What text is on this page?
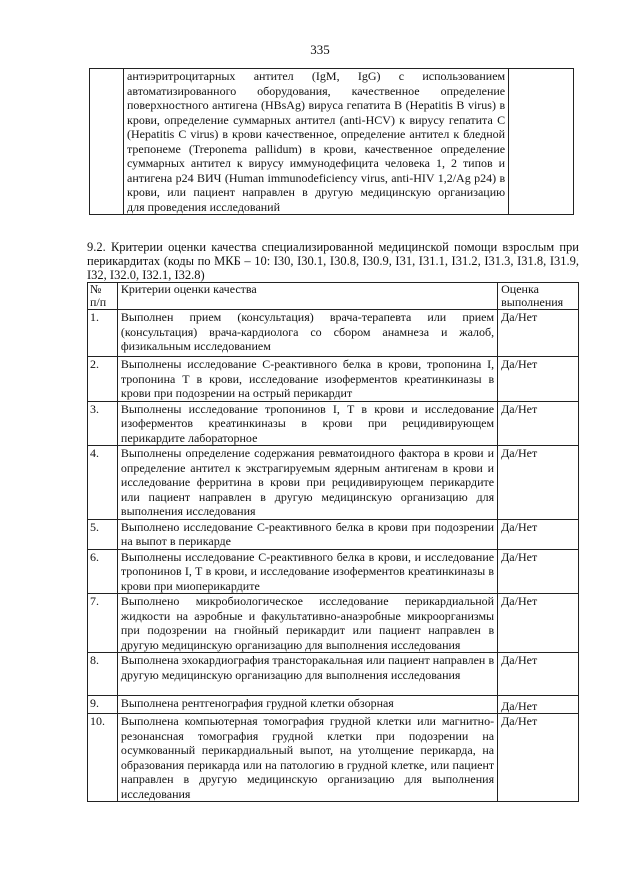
335
	антиэритроцитарных антител (IgM, IgG) с использованием автоматизированного оборудования, качественное определение поверхностного антигена (HBsAg) вируса гепатита В (Hepatitis B virus) в крови, определение суммарных антител (anti-HCV) к вирусу гепатита С (Hepatitis C virus) в крови качественное, определение антител к бледной трепонеме (Treponema pallidum) в крови, качественное определение суммарных антител к вирусу иммунодефицита человека 1, 2 типов и антигена р24 ВИЧ (Human immunodeficiency virus, anti-HIV 1,2/Ag p24) в крови, или пациент направлен в другую медицинскую организацию
для проведения исследований

9.2. Критерии оценки качества специализированной медицинской помощи взрослым при перикардитах (коды по МКБ – 10: I30, I30.1, I30.8, I30.9, I31, I31.1, I31.2, I31.3, I31.8, I31.9, I32, I32.0, I32.1, I32.8)
№ п/п	Критерии оценки качества	Оценка выполнения
1.	Выполнен прием (консультация) врача-терапевта или прием (консультация) врача-кардиолога со сбором анамнеза и жалоб, физикальным исследованием	Да/Нет
2.	Выполнены исследование С-реактивного белка в крови, тропонина I, тропонина Т в крови, исследование изоферментов креатинкиназы в крови при подозрении на острый перикардит	Да/Нет
3.	Выполнены исследование тропонинов I, Т в крови и исследование изоферментов креатинкиназы в крови при рецидивирующем перикардите лабораторное	Да/Нет
4.	Выполнены определение содержания ревматоидного фактора в крови и определение антител к экстрагируемым ядерным антигенам в крови и исследование ферритина в крови при рецидивирующем перикардите или пациент направлен в другую медицинскую организацию для выполнения исследования	Да/Нет
5.	Выполнено исследование С-реактивного белка в крови при подозрении на выпот в перикарде	Да/Нет
6.	Выполнены исследование С-реактивного белка в крови, и исследование тропонинов I, Т в крови, и исследование изоферментов креатинкиназы в крови при миоперикардите	Да/Нет
7.	Выполнено микробиологическое исследование перикардиальной жидкости на аэробные и факультативно-анаэробные микроорганизмы при подозрении на гнойный перикардит или пациент направлен в другую медицинскую организацию для выполнения исследования	Да/Нет
8.	Выполнена эхокардиография трансторакальная или пациент направлен в другую медицинскую организацию для выполнения исследования	Да/Нет
9.	Выполнена рентгенография грудной клетки обзорная	Да/Нет
10.	Выполнена компьютерная томография грудной клетки или магнитно-резонансная томография грудной клетки при подозрении на осумкованный перикардиальный выпот, на утолщение перикарда, на образования перикарда или на патологию в грудной клетке, или пациент направлен в другую медицинскую организацию для выполнения исследования	Да/Нет
